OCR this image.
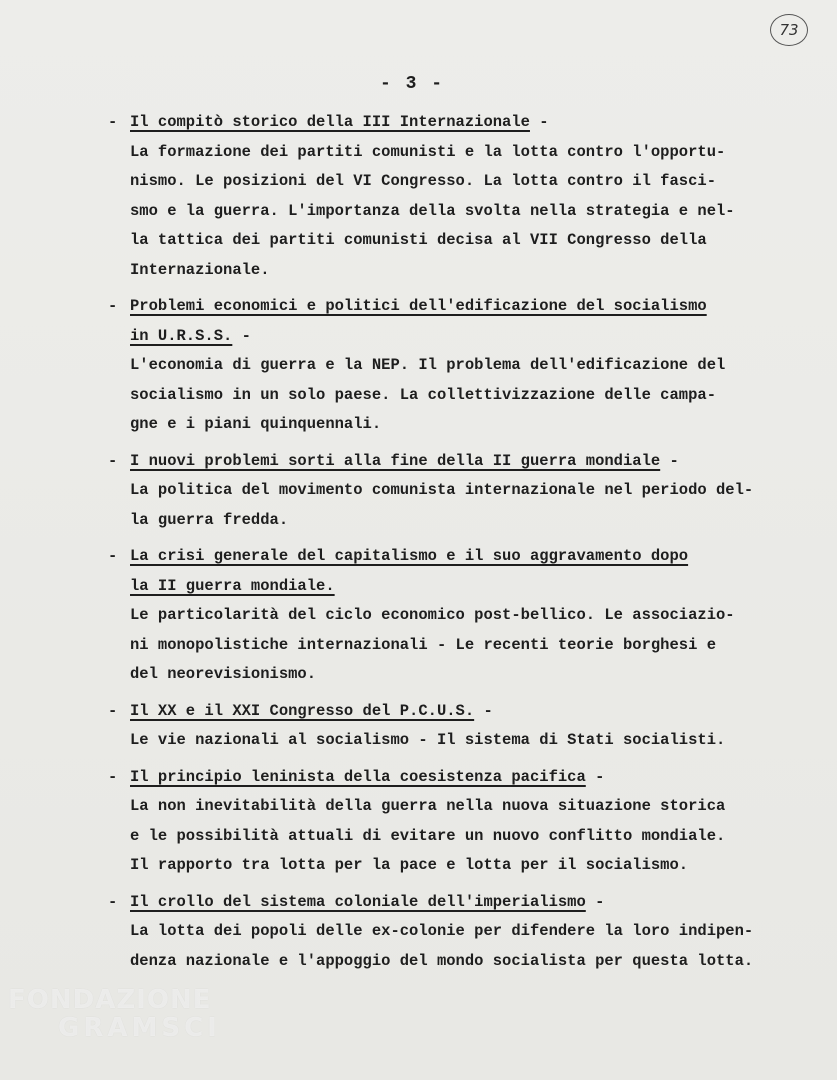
73
- 3 -
- Il compitò storico della III Internazionale -
La formazione dei partiti comunisti e la lotta contro l'opportu-
nismo. Le posizioni del VI Congresso. La lotta contro il fasci-
smo e la guerra. L'importanza della svolta nella strategia e nel-
la tattica dei partiti comunisti decisa al VII Congresso della
Internazionale.
- Problemi economici e politici dell'edificazione del socialismo
in U.R.S.S. -
L'economia di guerra e la NEP. Il problema dell'edificazione del
socialismo in un solo paese. La collettivizzazione delle campa-
gne e i piani quinquennali.
- I nuovi problemi sorti alla fine della II guerra mondiale -
La politica del movimento comunista internazionale nel periodo del-
la guerra fredda.
- La crisi generale del capitalismo e il suo aggravamento dopo
la II guerra mondiale.
Le particolarità del ciclo economico post-bellico. Le associazio-
ni monopolistiche internazionali - Le recenti teorie borghesi e
del neorevisionismo.
- Il XX e il XXI Congresso del P.C.U.S. -
Le vie nazionali al socialismo - Il sistema di Stati socialisti.
- Il principio leninista della coesistenza pacifica -
La non inevitabilità della guerra nella nuova situazione storica
e le possibilità attuali di evitare un nuovo conflitto mondiale.
Il rapporto tra lotta per la pace e lotta per il socialismo.
- Il crollo del sistema coloniale dell'imperialismo -
La lotta dei popoli delle ex-colonie per difendere la loro indipen-
denza nazionale e l'appoggio del mondo socialista per questa lotta.
FONDAZIONE
GRAMSCI
